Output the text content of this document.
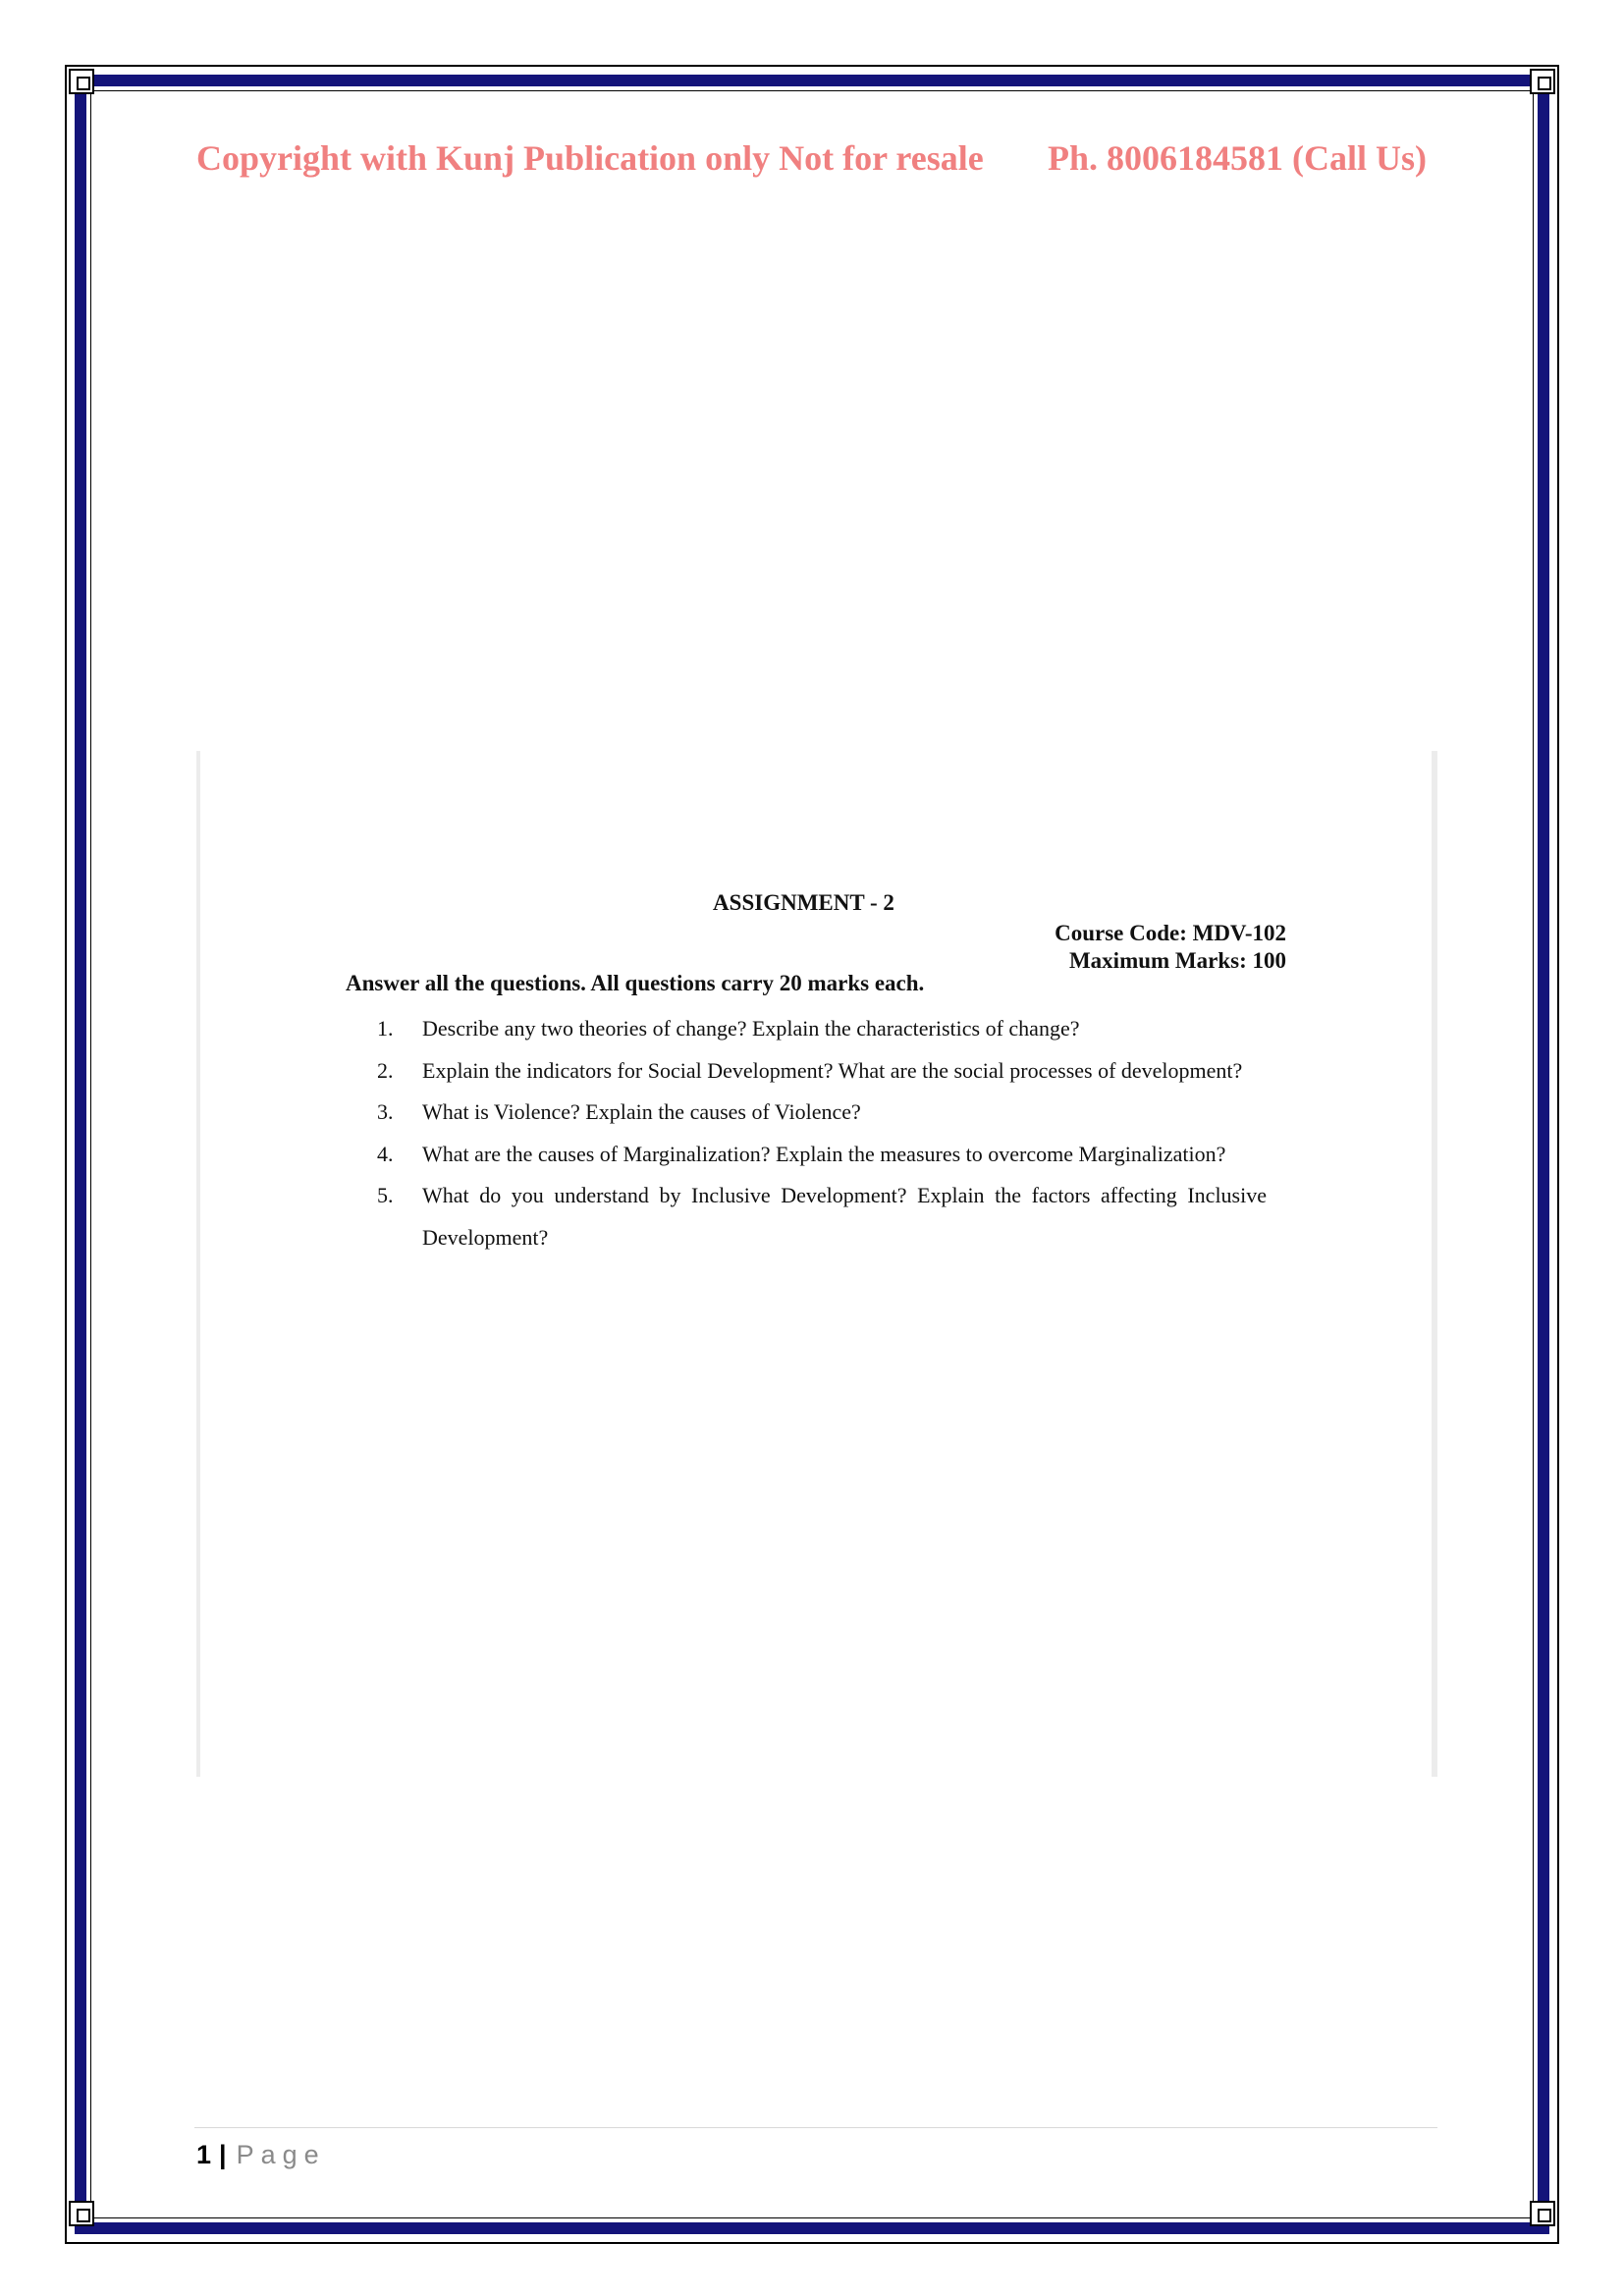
Copyright with Kunj Publication only Not for resale Ph. 8006184581 (Call Us)
ASSIGNMENT - 2
Course Code: MDV-102
Maximum Marks: 100
Answer all the questions. All questions carry 20 marks each.
1. Describe any two theories of change? Explain the characteristics of change?
2. Explain the indicators for Social Development? What are the social processes of development?
3. What is Violence? Explain the causes of Violence?
4. What are the causes of Marginalization? Explain the measures to overcome Marginalization?
5. What do you understand by Inclusive Development? Explain the factors affecting Inclusive Development?
1 | Page
